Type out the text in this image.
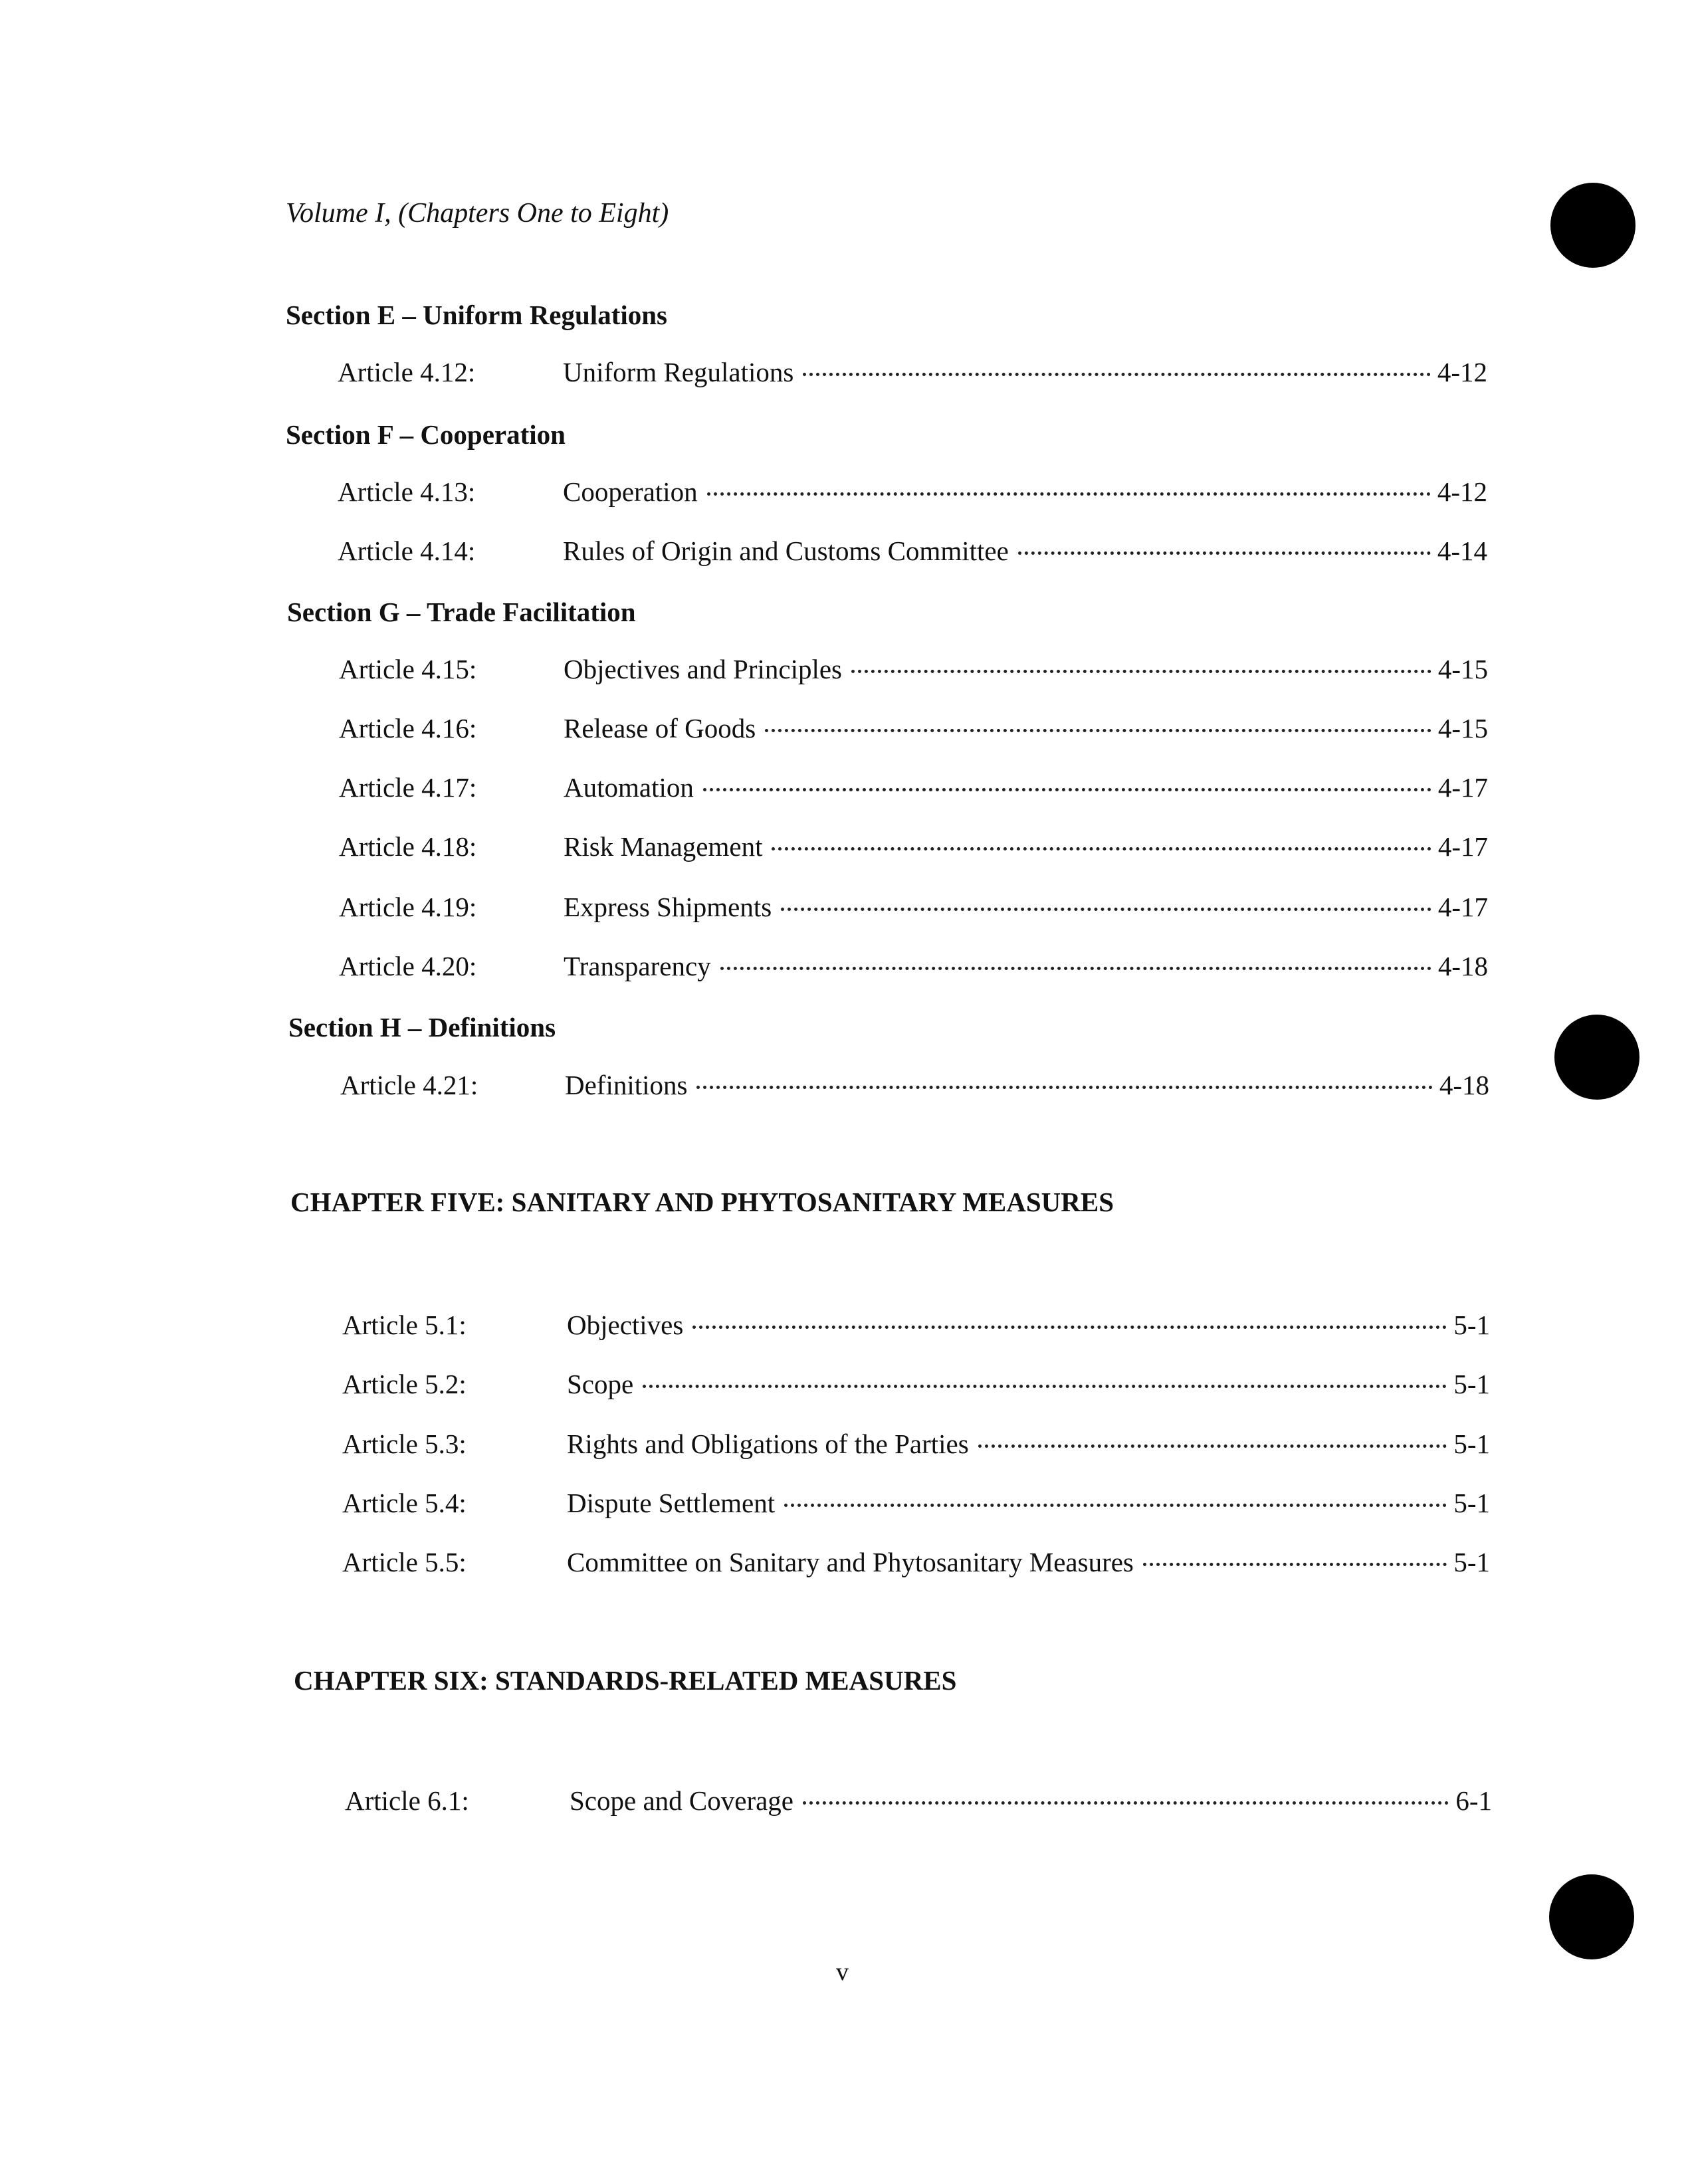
Volume I, (Chapters One to Eight)

Section E – Uniform Regulations

Article 4.12:	Uniform Regulations	4-12

Section F – Cooperation

Article 4.13:	Cooperation	4-12
Article 4.14:	Rules of Origin and Customs Committee	4-14

Section G – Trade Facilitation

Article 4.15:	Objectives and Principles	4-15
Article 4.16:	Release of Goods	4-15
Article 4.17:	Automation	4-17
Article 4.18:	Risk Management	4-17
Article 4.19:	Express Shipments	4-17
Article 4.20:	Transparency	4-18

Section H – Definitions

Article 4.21:	Definitions	4-18

CHAPTER FIVE: SANITARY AND PHYTOSANITARY MEASURES

Article 5.1:	Objectives	5-1
Article 5.2:	Scope	5-1
Article 5.3:	Rights and Obligations of the Parties	5-1
Article 5.4:	Dispute Settlement	5-1
Article 5.5:	Committee on Sanitary and Phytosanitary Measures	5-1

CHAPTER SIX: STANDARDS-RELATED MEASURES

Article 6.1:	Scope and Coverage	6-1

v
